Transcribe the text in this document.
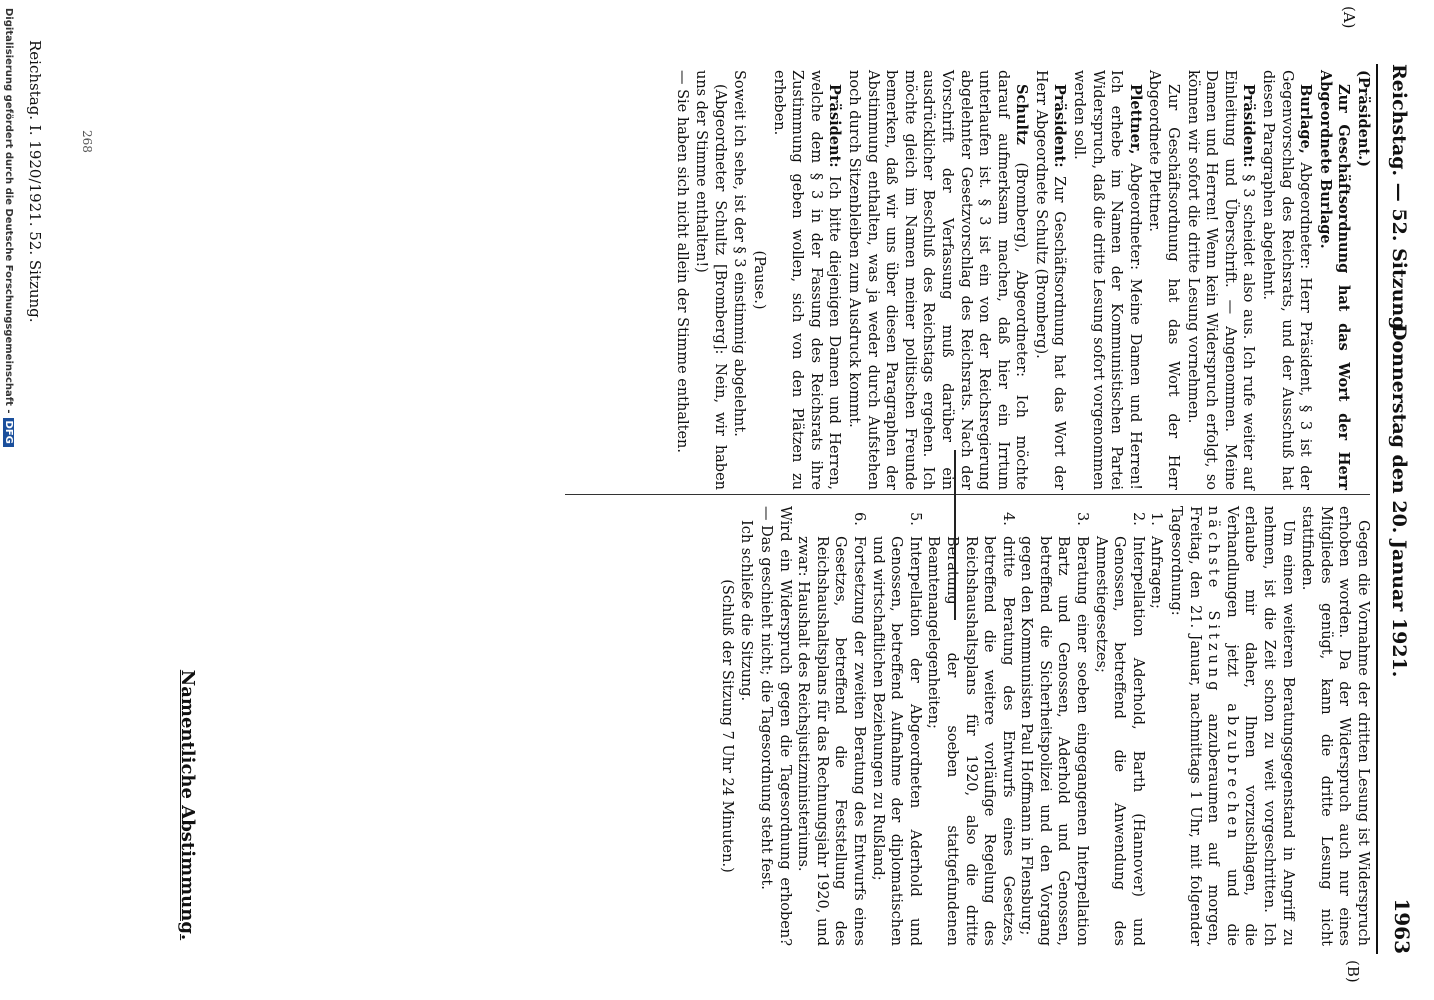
Reichstag. — 52. Sitzung.
Donnerstag den 20. Januar 1921.
1963
(A)
(B)

(Präsident.)

Zur Geschäftsordnung hat das Wort der Herr Abgeordnete Burlage.

Burlage, Abgeordneter: Herr Präsident, § 3 ist der Gegenvorschlag des Reichsrats, und der Ausschuß hat diesen Paragraphen abgelehnt.

Präsident: § 3 scheidet also aus. Ich rufe weiter auf Einleitung und Überschrift. — Angenommen. Meine Damen und Herren! Wenn kein Widerspruch erfolgt, so können wir sofort die dritte Lesung vornehmen.

Zur Geschäftsordnung hat das Wort der Herr Abgeordnete Plettner.

Plettner, Abgeordneter: Meine Damen und Herren! Ich erhebe im Namen der Kommunistischen Partei Widerspruch, daß die dritte Lesung sofort vorgenommen werden soll.

Präsident: Zur Geschäftsordnung hat das Wort der Herr Abgeordnete Schultz (Bromberg).

Schultz (Bromberg), Abgeordneter: Ich möchte darauf aufmerksam machen, daß hier ein Irrtum unterlaufen ist. § 3 ist ein von der Reichsregierung abgelehnter Gesetzvorschlag des Reichsrats. Nach der Vorschrift der Verfassung muß darüber ein ausdrücklicher Beschluß des Reichstags ergehen. Ich möchte gleich im Namen meiner politischen Freunde bemerken, daß wir uns über diesen Paragraphen der Abstimmung enthalten, was ja weder durch Aufstehen noch durch Sitzenbleiben zum Ausdruck kommt.

Präsident: Ich bitte diejenigen Damen und Herren, welche dem § 3 in der Fassung des Reichsrats ihre Zustimmung geben wollen, sich von den Plätzen zu erheben.

(Pause.)

Soweit ich sehe, ist der § 3 einstimmig abgelehnt.

(Abgeordneter Schultz [Bromberg]: Nein, wir haben uns der Stimme enthalten!)

— Sie haben sich nicht allein der Stimme enthalten.

Gegen die Vornahme der dritten Lesung ist Widerspruch erhoben worden. Da der Widerspruch auch nur eines Mitgliedes genügt, kann die dritte Lesung nicht stattfinden.

Um einen weiteren Beratungsgegenstand in Angriff zu nehmen, ist die Zeit schon zu weit vorgeschritten. Ich erlaube mir daher, Ihnen vorzuschlagen, die Verhandlungen jetzt abzubrechen und die nächste Sitzung anzuberaumen auf morgen, Freitag, den 21. Januar, nachmittags 1 Uhr, mit folgender Tagesordnung:

1.
Anfragen;
2.
Interpellation Aderhold, Barth (Hannover) und Genossen, betreffend die Anwendung des Amnestiegesetzes;
3.
Beratung einer soeben eingegangenen Interpellation Bartz und Genossen, Aderhold und Genossen, betreffend die Sicherheitspolizei und den Vorgang gegen den Kommunisten Paul Hoffmann in Flensburg;
4.
dritte Beratung des Entwurfs eines Gesetzes, betreffend die weitere vorläufige Regelung des Reichshaushaltsplans für 1920, also die dritte Beratung der soeben stattgefundenen Beamtenangelegenheiten;
5.
Interpellation der Abgeordneten Aderhold und Genossen, betreffend Aufnahme der diplomatischen und wirtschaftlichen Beziehungen zu Rußland;
6.
Fortsetzung der zweiten Beratung des Entwurfs eines Gesetzes, betreffend die Feststellung des Reichshaushaltsplans für das Rechnungsjahr 1920, und zwar: Haushalt des Reichsjustizministeriums.

Wird ein Widerspruch gegen die Tagesordnung erhoben? — Das geschieht nicht; die Tagesordnung steht fest.

Ich schließe die Sitzung.

(Schluß der Sitzung 7 Uhr 24 Minuten.)

Namentliche Abstimmung.
268
Reichstag. I. 1920/1921. 52. Sitzung.
Digitalisierung gefördert durch die Deutsche Forschungsgemeinschaft -DFG
